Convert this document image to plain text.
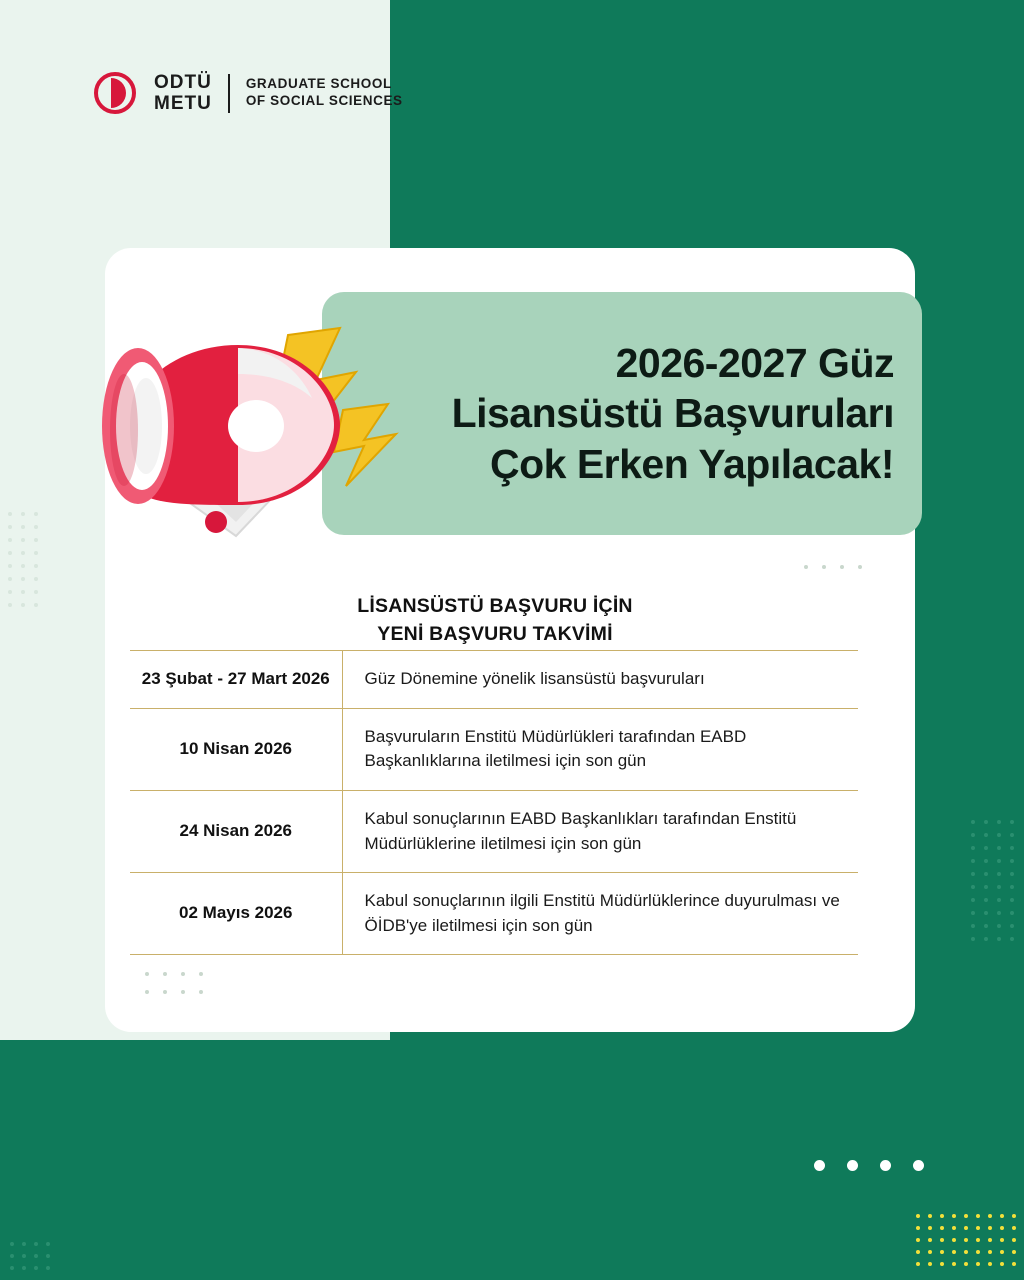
ODTÜ
METU
GRADUATE SCHOOL
OF SOCIAL SCIENCES
2026-2027 Güz
Lisansüstü Başvuruları
Çok Erken Yapılacak!
LİSANSÜSTÜ BAŞVURU İÇİN
YENİ BAŞVURU TAKVİMİ
23 Şubat - 27 Mart 2026	Güz Dönemine yönelik lisansüstü başvuruları
10 Nisan 2026	Başvuruların Enstitü Müdürlükleri tarafından EABD Başkanlıklarına iletilmesi için son gün
24 Nisan 2026	Kabul sonuçlarının EABD Başkanlıkları tarafından Enstitü Müdürlüklerine iletilmesi için son gün
02 Mayıs 2026	Kabul sonuçlarının ilgili Enstitü Müdürlüklerince duyurulması ve ÖİDB'ye iletilmesi için son gün
